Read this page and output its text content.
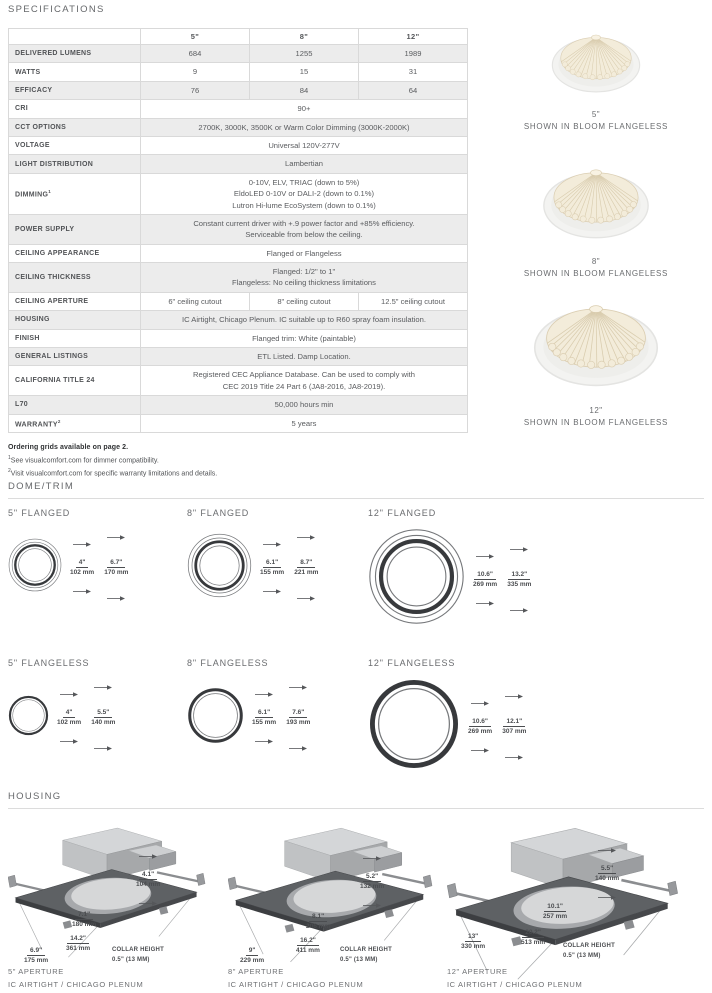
SPECIFICATIONS
	5"	8"	12"
DELIVERED LUMENS	684	1255	1989
WATTS	9	15	31
EFFICACY	76	84	64
CRI	90+		

CCT OPTIONS	2700K, 3000K, 3500K or Warm Color Dimming (3000K-2000K)		

VOLTAGE	Universal 120V-277V		

LIGHT DISTRIBUTION	Lambertian		

DIMMING$^1$	0-10V, ELV, TRIAC (down to 5%)
EldoLED 0-10V or DALI-2 (down to 0.1%)
Lutron Hi-lume EcoSystem (down to 0.1%)		

POWER SUPPLY	Constant current driver with +.9 power factor and +85% efficiency.
Serviceable from below the ceiling.		

CEILING APPEARANCE	Flanged or Flangeless		

CEILING THICKNESS	Flanged: 1/2" to 1"
Flangeless: No ceiling thickness limitations		

CEILING APERTURE	6" ceiling cutout	8" ceiling cutout	12.5" ceiling cutout
HOUSING	IC Airtight, Chicago Plenum. IC suitable up to R60 spray foam insulation.		

FINISH	Flanged trim: White (paintable)		

GENERAL LISTINGS	ETL Listed. Damp Location.		

CALIFORNIA TITLE 24	Registered CEC Appliance Database. Can be used to comply with
CEC 2019 Title 24 Part 6 (JA8-2016, JA8-2019).		

L70	50,000 hours min		

WARRANTY$^2$	5 years		
Ordering grids available on page 2.
$^1$See visualcomfort.com for dimmer compatibility.
$^2$Visit visualcomfort.com for specific warranty limitations and details.
5"
SHOWN IN BLOOM FLANGELESS
8"
SHOWN IN BLOOM FLANGELESS
12"
SHOWN IN BLOOM FLANGELESS
DOME/TRIM
5" FLANGED
$\frac{4"}{102 mm} \frac{6.7"}{170 mm}$
8" FLANGED
$\frac{6.1"}{155 mm} \frac{8.7"}{221 mm}$
12" FLANGED
$\frac{10.6"}{269 mm} \frac{13.2"}{335 mm}$
5" FLANGELESS
$\frac{4"}{102 mm} \frac{5.5"}{140 mm}$
8" FLANGELESS
$\frac{6.1"}{155 mm} \frac{7.6"}{193 mm}$
12" FLANGELESS
$\frac{10.6"}{269 mm} \frac{12.1"}{307 mm}$
HOUSING
$\frac{4.1"}{104 mm}$
7.1"
180 mm
14.2"
361 mm
6.9"
175 mm
COLLAR HEIGHT
0.5" (13 MM)
5" APERTURE
IC AIRTIGHT / CHICAGO PLENUM
$\frac{5.2"}{132 mm}$
8.1"
206 mm
16.2"
411 mm
9"
229 mm
COLLAR HEIGHT
0.5" (13 MM)
8" APERTURE
IC AIRTIGHT / CHICAGO PLENUM
$\frac{5.5"}{140 mm}$
10.1"
257 mm
20.2"
513 mm
13"
330 mm	COLLAR HEIGHT
0.5" (13 MM)
12" APERTURE
IC AIRTIGHT / CHICAGO PLENUM
